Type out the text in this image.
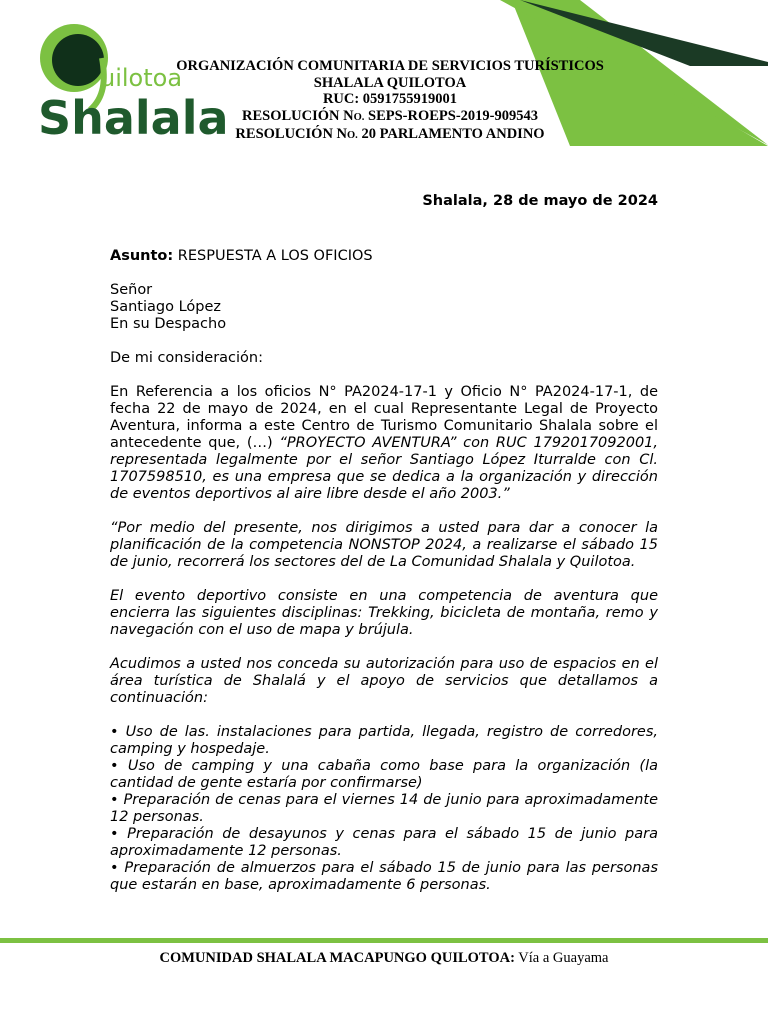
uilotoa
Shalala
ORGANIZACIÓN COMUNITARIA DE SERVICIOS TURÍSTICOS
SHALALA QUILOTOA
RUC: 0591755919001
RESOLUCIÓN NO. SEPS-ROEPS-2019-909543
RESOLUCIÓN NO. 20 PARLAMENTO ANDINO
Shalala, 28 de mayo de 2024

Asunto: RESPUESTA A LOS OFICIOS

Señor

Santiago López

En su Despacho

De mi consideración:

En Referencia a los oficios N° PA2024-17-1 y Oficio N° PA2024-17-1, de fecha 22 de mayo de 2024, en el cual Representante Legal de Proyecto Aventura, informa a este Centro de Turismo Comunitario Shalala sobre el antecedente que, (…) “PROYECTO AVENTURA” con RUC 1792017092001, representada legalmente por el señor Santiago López Iturralde con Cl. 1707598510, es una empresa que se dedica a la organización y dirección de eventos deportivos al aire libre desde el año 2003.”

“Por medio del presente, nos dirigimos a usted para dar a conocer la planificación de la competencia NONSTOP 2024, a realizarse el sábado 15 de junio, recorrerá los sectores del de La Comunidad Shalala y Quilotoa.

El evento deportivo consiste en una competencia de aventura que encierra las siguientes disciplinas: Trekking, bicicleta de montaña, remo y navegación con el uso de mapa y brújula.

Acudimos a usted nos conceda su autorización para uso de espacios en el área turística de Shalalá y el apoyo de servicios que detallamos a continuación:

• Uso de las. instalaciones para partida, llegada, registro de corredores, camping y hospedaje.

• Uso de camping y una cabaña como base para la organización (la cantidad de gente estaría por confirmarse)

• Preparación de cenas para el viernes 14 de junio para aproximadamente 12 personas.

• Preparación de desayunos y cenas para el sábado 15 de junio para aproximadamente 12 personas.

• Preparación de almuerzos para el sábado 15 de junio para las personas que estarán en base, aproximadamente 6 personas.

COMUNIDAD SHALALA MACAPUNGO QUILOTOA: Vía a Guayama
